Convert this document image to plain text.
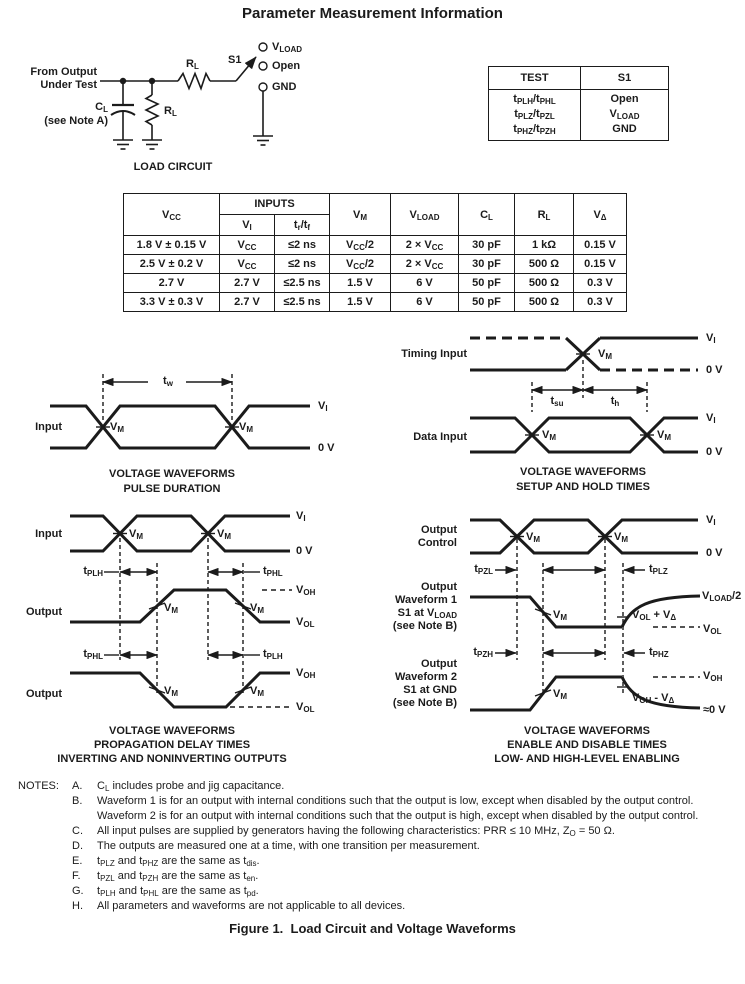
Parameter Measurement Information
From Output
Under Test
$C_L$
(see Note A)
$R_L$
$R_L$
S1
$V_{LOAD}$
Open
GND
LOAD CIRCUIT
TEST	S1

$t_{PLH}/t_{PHL}$
$t_{PLZ}/t_{PZL}$
$t_{PHZ}/t_{PZH}$

Open
$V_{LOAD}$
GND
$V_{CC}$	INPUTS		$V_M$	$V_{LOAD}$	$C_L$	$R_L$	$V_\Delta$
	$V_I$	$t_r/t_f$
1.8 V ± 0.15 V	$V_{CC}$	≤2 ns	$V_{CC}/2$	$2 \times V_{CC}$	30 pF	1 kΩ	0.15 V
2.5 V ± 0.2 V	$V_{CC}$	≤2 ns	$V_{CC}/2$	$2 \times V_{CC}$	30 pF	500 Ω	0.15 V
2.7 V	2.7 V	≤2.5 ns	1.5 V	6 V	50 pF	500 Ω	0.3 V
3.3 V ± 0.3 V	2.7 V	≤2.5 ns	1.5 V	6 V	50 pF	500 Ω	0.3 V
Input
$t_w$
$V_M$	$V_M$
$V_I$
0 V
VOLTAGE WAVEFORMS
PULSE DURATION
Timing Input
Data Input
$V_M$
$V_M$	$V_M$
$t_{su}$	$t_h$
$V_I$
0 V
$V_I$
0 V
VOLTAGE WAVEFORMS
SETUP AND HOLD TIMES
Input	$V_M$	$V_M$
$V_I$
0 V
$t_{PLH}$	$t_{PHL}$
Output	$V_M$	$V_M$
$V_{OH}$
$V_{OL}$
$t_{PHL}$	$t_{PLH}$
Output	$V_M$	$V_M$
$V_{OH}$
$V_{OL}$
VOLTAGE WAVEFORMS
PROPAGATION DELAY TIMES
INVERTING AND NONINVERTING OUTPUTS
Output
Control	$V_M$	$V_M$
$V_I$
0 V
$t_{PZL}$	$t_{PLZ}$
Output
Waveform 1
S1 at $V_{LOAD}$
(see Note B)
$V_M$
$V_{LOAD}/2$
$V_{OL} + V_\Delta$
$V_{OL}$
$t_{PZH}$	$t_{PHZ}$
Output
Waveform 2
S1 at GND
(see Note B)
$V_M$
$V_{OH}$
$V_{OH} - V_\Delta$
≈0 V
VOLTAGE WAVEFORMS
ENABLE AND DISABLE TIMES
LOW- AND HIGH-LEVEL ENABLING
NOTES: A. $C_L$ includes probe and jig capacitance.
B. Waveform 1 is for an output with internal conditions such that the output is low, except when disabled by the output control.
Waveform 2 is for an output with internal conditions such that the output is high, except when disabled by the output control.
C. All input pulses are supplied by generators having the following characteristics: PRR ≤ 10 MHz, $Z_O = 50$ Ω.
D. The outputs are measured one at a time, with one transition per measurement.
E. $t_{PLZ}$ and $t_{PHZ}$ are the same as $t_{dis}$.
F. $t_{PZL}$ and $t_{PZH}$ are the same as $t_{en}$.
G. $t_{PLH}$ and $t_{PHL}$ are the same as $t_{pd}$.
H. All parameters and waveforms are not applicable to all devices.
Figure 1.  Load Circuit and Voltage Waveforms
